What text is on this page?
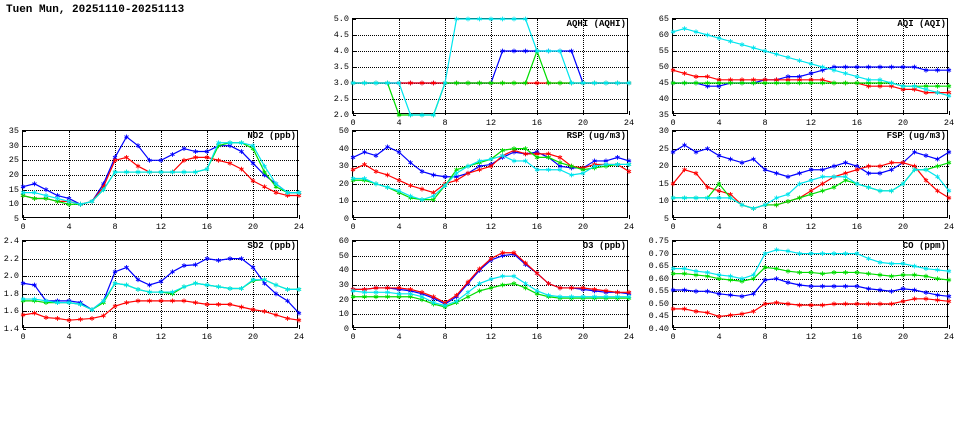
Tuen Mun, 20251110-20251113
2.0
2.5
3.0
3.5
4.0
4.5
5.0
0	4	8	12	16	20	24
AQHI (AQHI)
35
40
45
50
55
60
65
0	4	8	12	16	20	24
AQI (AQI)
5
10
15
20
25
30
35
0	4	8	12	16	20	24
NO2 (ppb)
0
10
20
30
40
50
0	4	8	12	16	20	24
RSP (ug/m3)
5
10
15
20
25
30
0	4	8	12	16	20	24
FSP (ug/m3)
1.4
1.6
1.8
2.0
2.2
2.4
0	4	8	12	16	20	24
SO2 (ppb)
0
10
20
30
40
50
60
0	4	8	12	16	20	24
O3 (ppb)
0.40
0.45
0.50
0.55
0.60
0.65
0.70
0.75
0	4	8	12	16	20	24
CO (ppm)
